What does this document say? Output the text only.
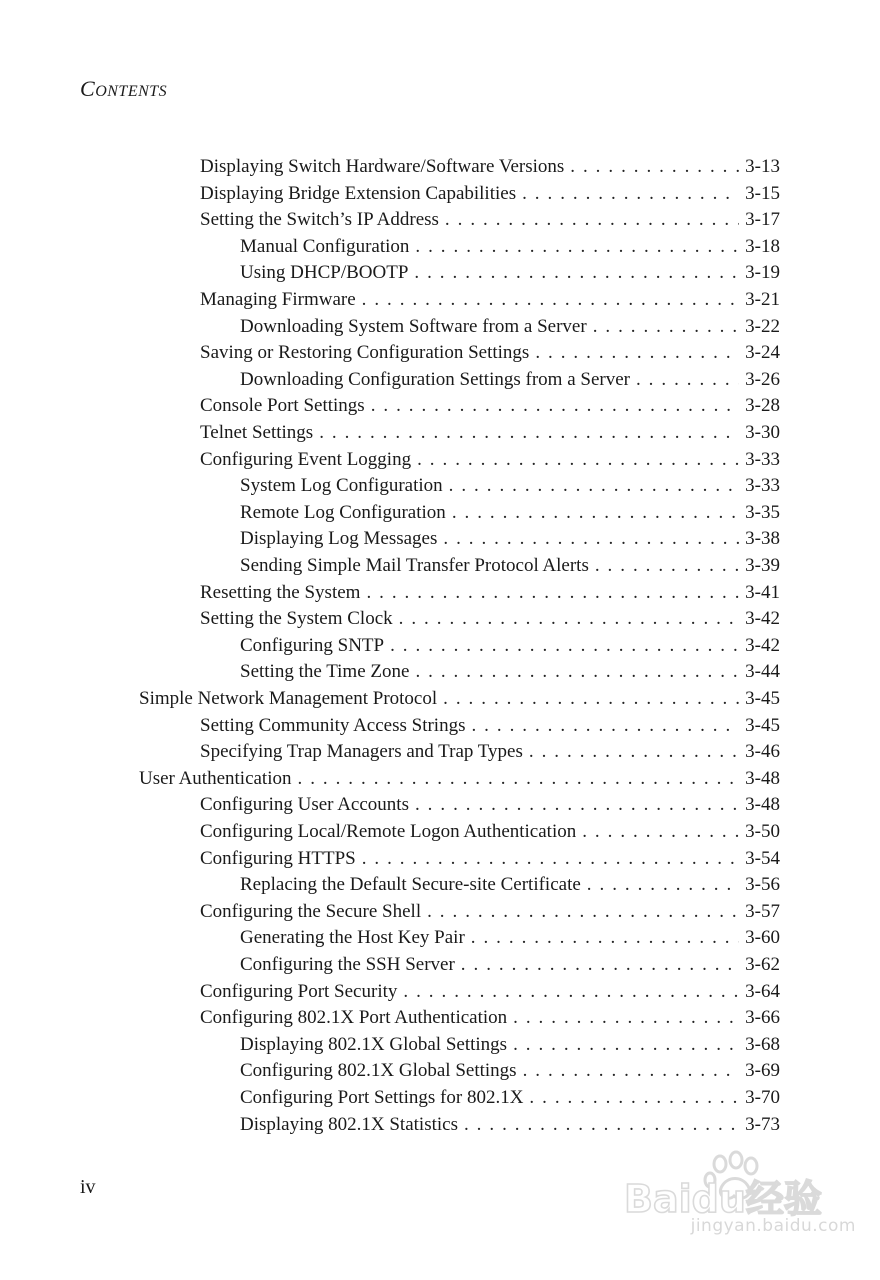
CONTENTS
Displaying Switch Hardware/Software Versions . . .	3-13
Displaying Bridge Extension Capabilities . . .	3-15
Setting the Switch’s IP Address . . .	3-17
Manual Configuration . . .	3-18
Using DHCP/BOOTP . . .	3-19
Managing Firmware . . .	3-21
Downloading System Software from a Server . . .	3-22
Saving or Restoring Configuration Settings . . .	3-24
Downloading Configuration Settings from a Server . . .	3-26
Console Port Settings . . .	3-28
Telnet Settings . . .	3-30
Configuring Event Logging . . .	3-33
System Log Configuration . . .	3-33
Remote Log Configuration . . .	3-35
Displaying Log Messages . . .	3-38
Sending Simple Mail Transfer Protocol Alerts . . .	3-39
Resetting the System . . .	3-41
Setting the System Clock . . .	3-42
Configuring SNTP . . .	3-42
Setting the Time Zone . . .	3-44
Simple Network Management Protocol . . .	3-45
Setting Community Access Strings . . .	3-45
Specifying Trap Managers and Trap Types . . .	3-46
User Authentication . . .	3-48
Configuring User Accounts . . .	3-48
Configuring Local/Remote Logon Authentication . . .	3-50
Configuring HTTPS . . .	3-54
Replacing the Default Secure-site Certificate . . .	3-56
Configuring the Secure Shell . . .	3-57
Generating the Host Key Pair . . .	3-60
Configuring the SSH Server . . .	3-62
Configuring Port Security . . .	3-64
Configuring 802.1X Port Authentication . . .	3-66
Displaying 802.1X Global Settings . . .	3-68
Configuring 802.1X Global Settings . . .	3-69
Configuring Port Settings for 802.1X . . .	3-70
Displaying 802.1X Statistics . . .	3-73
iv	Baidu经验
jingyan.baidu.com
